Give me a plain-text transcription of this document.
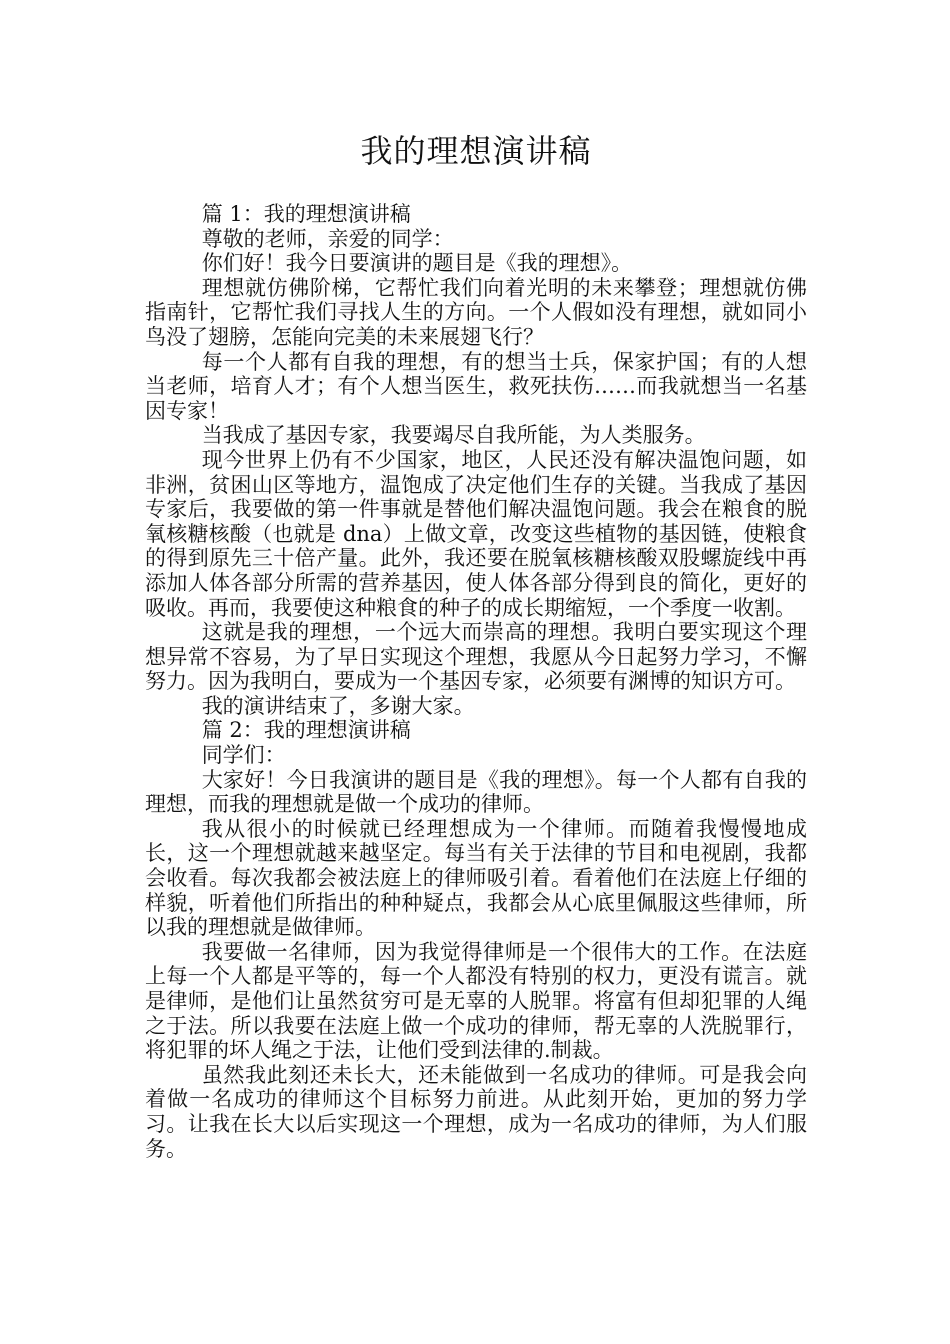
我的理想演讲稿

篇 1：我的理想演讲稿

尊敬的老师，亲爱的同学：

你们好！我今日要演讲的题目是《我的理想》。

理想就仿佛阶梯，它帮忙我们向着光明的未来攀登；理想就仿佛指南针，它帮忙我们寻找人生的方向。一个人假如没有理想，就如同小鸟没了翅膀，怎能向完美的未来展翅飞行？

每一个人都有自我的理想，有的想当士兵，保家护国；有的人想当老师，培育人才；有个人想当医生，救死扶伤……而我就想当一名基因专家！

当我成了基因专家，我要竭尽自我所能，为人类服务。

现今世界上仍有不少国家，地区，人民还没有解决温饱问题，如非洲，贫困山区等地方，温饱成了决定他们生存的关键。当我成了基因专家后，我要做的第一件事就是替他们解决温饱问题。我会在粮食的脱氧核糖核酸（也就是 dna）上做文章，改变这些植物的基因链，使粮食的得到原先三十倍产量。此外，我还要在脱氧核糖核酸双股螺旋线中再添加人体各部分所需的营养基因，使人体各部分得到良的简化，更好的吸收。再而，我要使这种粮食的种子的成长期缩短，一个季度一收割。

这就是我的理想，一个远大而崇高的理想。我明白要实现这个理想异常不容易，为了早日实现这个理想，我愿从今日起努力学习，不懈努力。因为我明白，要成为一个基因专家，必须要有渊博的知识方可。

我的演讲结束了，多谢大家。

篇 2：我的理想演讲稿

同学们：

大家好！今日我演讲的题目是《我的理想》。每一个人都有自我的理想，而我的理想就是做一个成功的律师。

我从很小的时候就已经理想成为一个律师。而随着我慢慢地成长，这一个理想就越来越坚定。每当有关于法律的节目和电视剧，我都会收看。每次我都会被法庭上的律师吸引着。看着他们在法庭上仔细的样貌，听着他们所指出的种种疑点，我都会从心底里佩服这些律师，所以我的理想就是做律师。

我要做一名律师，因为我觉得律师是一个很伟大的工作。在法庭上每一个人都是平等的，每一个人都没有特别的权力，更没有谎言。就是律师，是他们让虽然贫穷可是无辜的人脱罪。将富有但却犯罪的人绳之于法。所以我要在法庭上做一个成功的律师，帮无辜的人洗脱罪行，将犯罪的坏人绳之于法，让他们受到法律的.制裁。

虽然我此刻还未长大，还未能做到一名成功的律师。可是我会向着做一名成功的律师这个目标努力前进。从此刻开始，更加的努力学习。让我在长大以后实现这一个理想，成为一名成功的律师，为人们服务。
